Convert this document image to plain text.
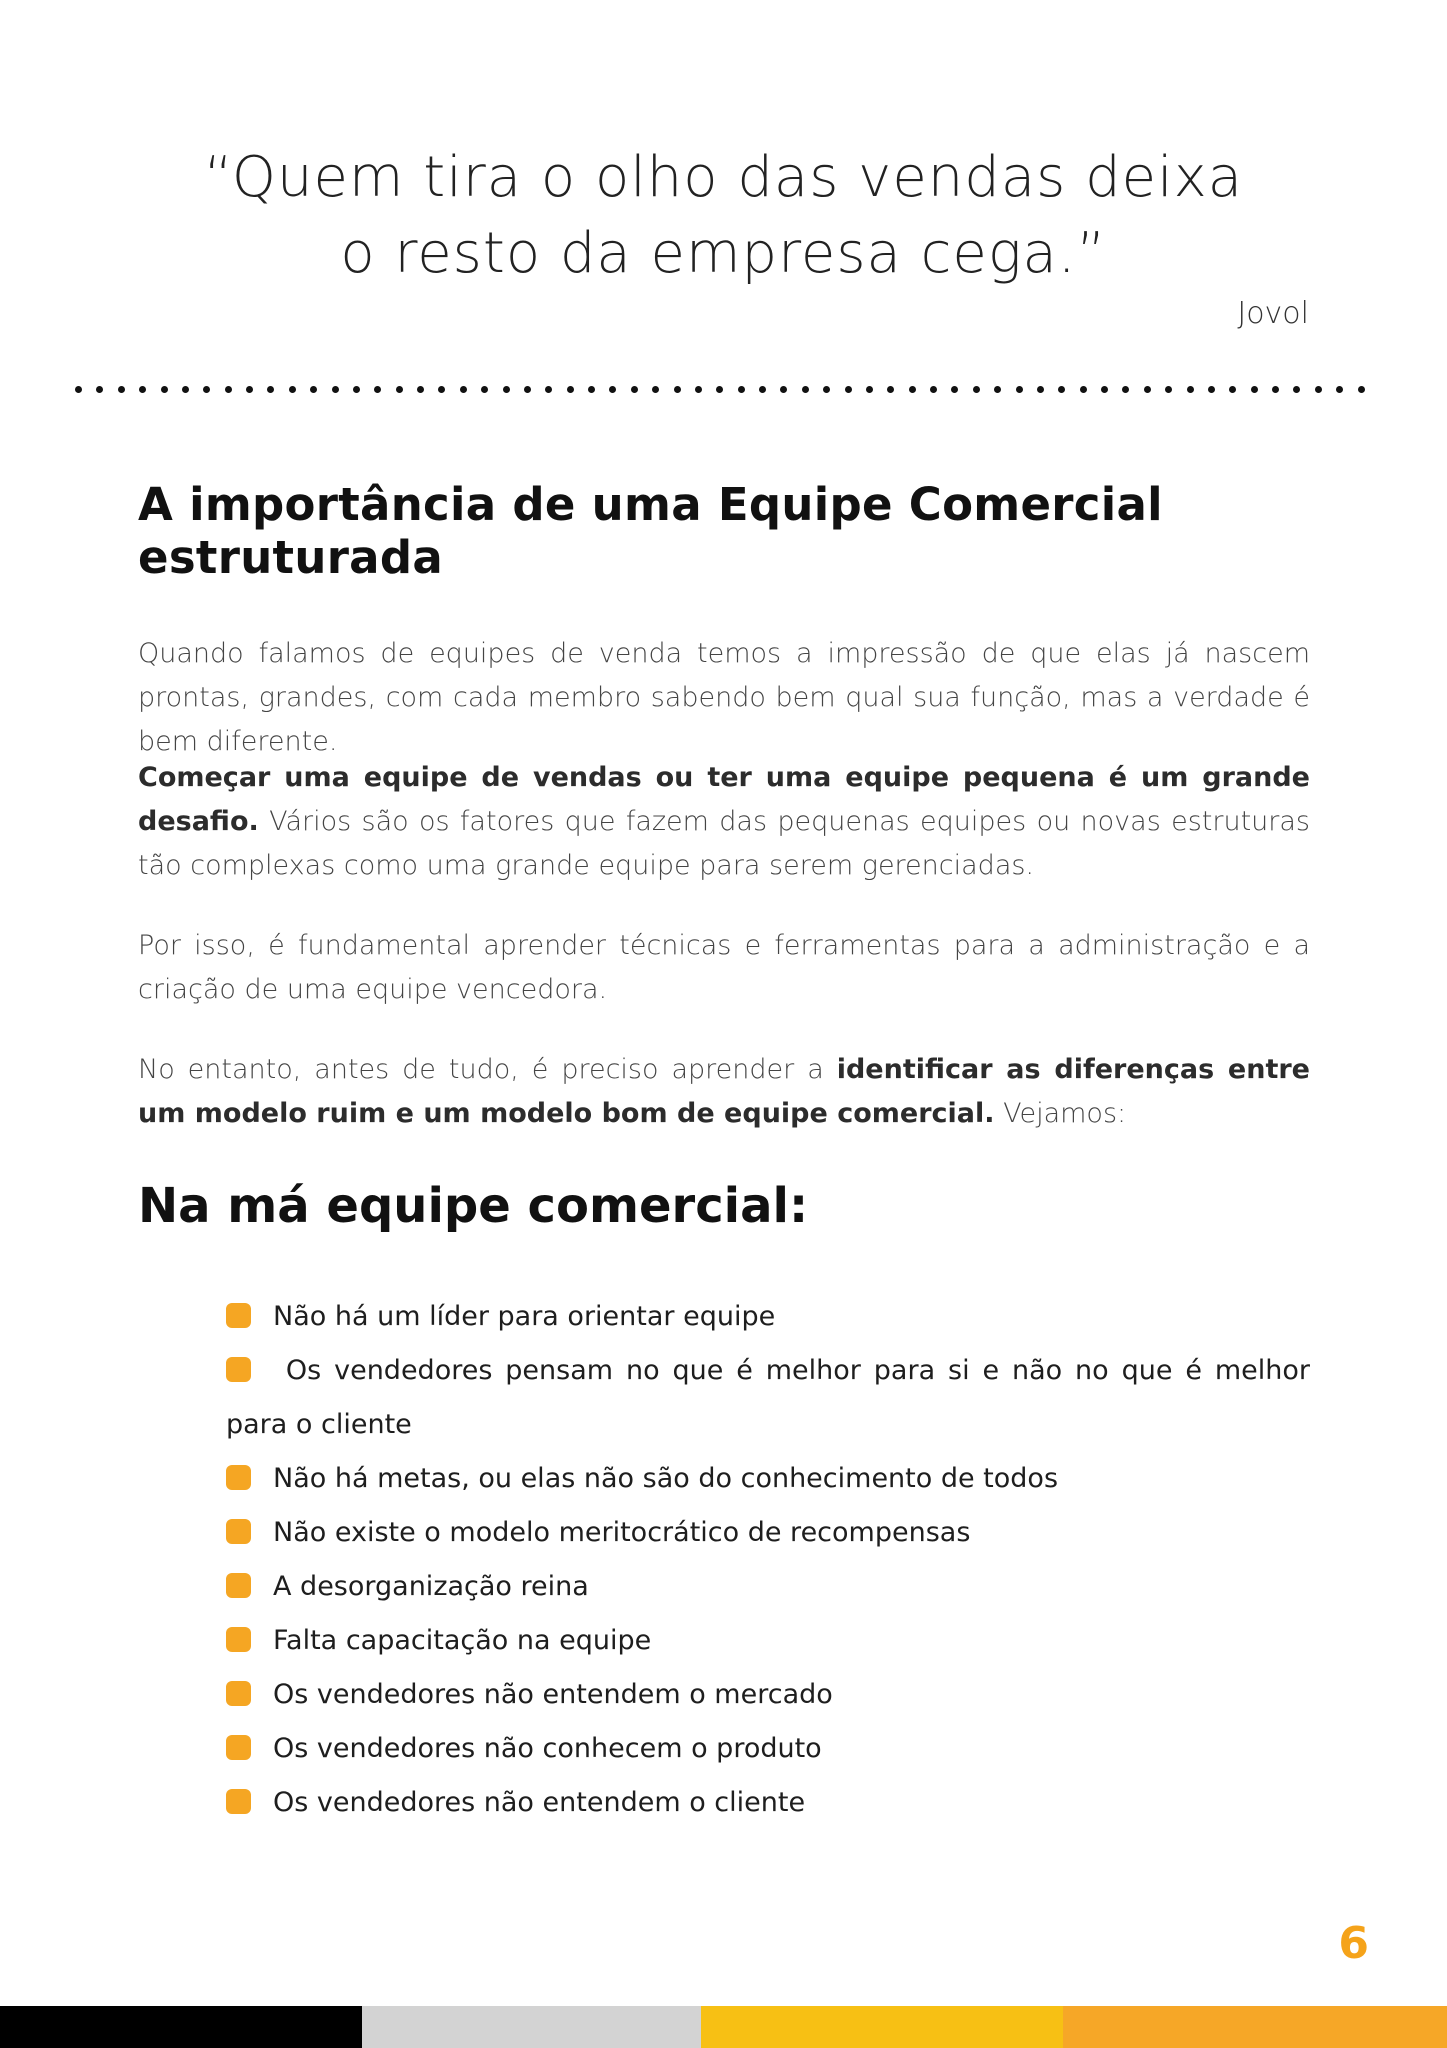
“Quem tira o olho das vendas deixa
o resto da empresa cega.”
Jovol
A importância de uma Equipe Comercial estruturada
Quando falamos de equipes de venda temos a impressão de que elas já nascem prontas, grandes, com cada membro sabendo bem qual sua função, mas a verdade é bem diferente.
Começar uma equipe de vendas ou ter uma equipe pequena é um grande desafio. Vários são os fatores que fazem das pequenas equipes ou novas estruturas tão complexas como uma grande equipe para serem gerenciadas.
Por isso, é fundamental aprender técnicas e ferramentas para a administração e a criação de uma equipe vencedora.
No entanto, antes de tudo, é preciso aprender a identificar as diferenças entre um modelo ruim e um modelo bom de equipe comercial. Vejamos:
Na má equipe comercial:
Não há um líder para orientar equipe
Os vendedores pensam no que é melhor para si e não no que é melhor para o cliente
Não há metas, ou elas não são do conhecimento de todos
Não existe o modelo meritocrático de recompensas
A desorganização reina
Falta capacitação na equipe
Os vendedores não entendem o mercado
Os vendedores não conhecem o produto
Os vendedores não entendem o cliente
6
